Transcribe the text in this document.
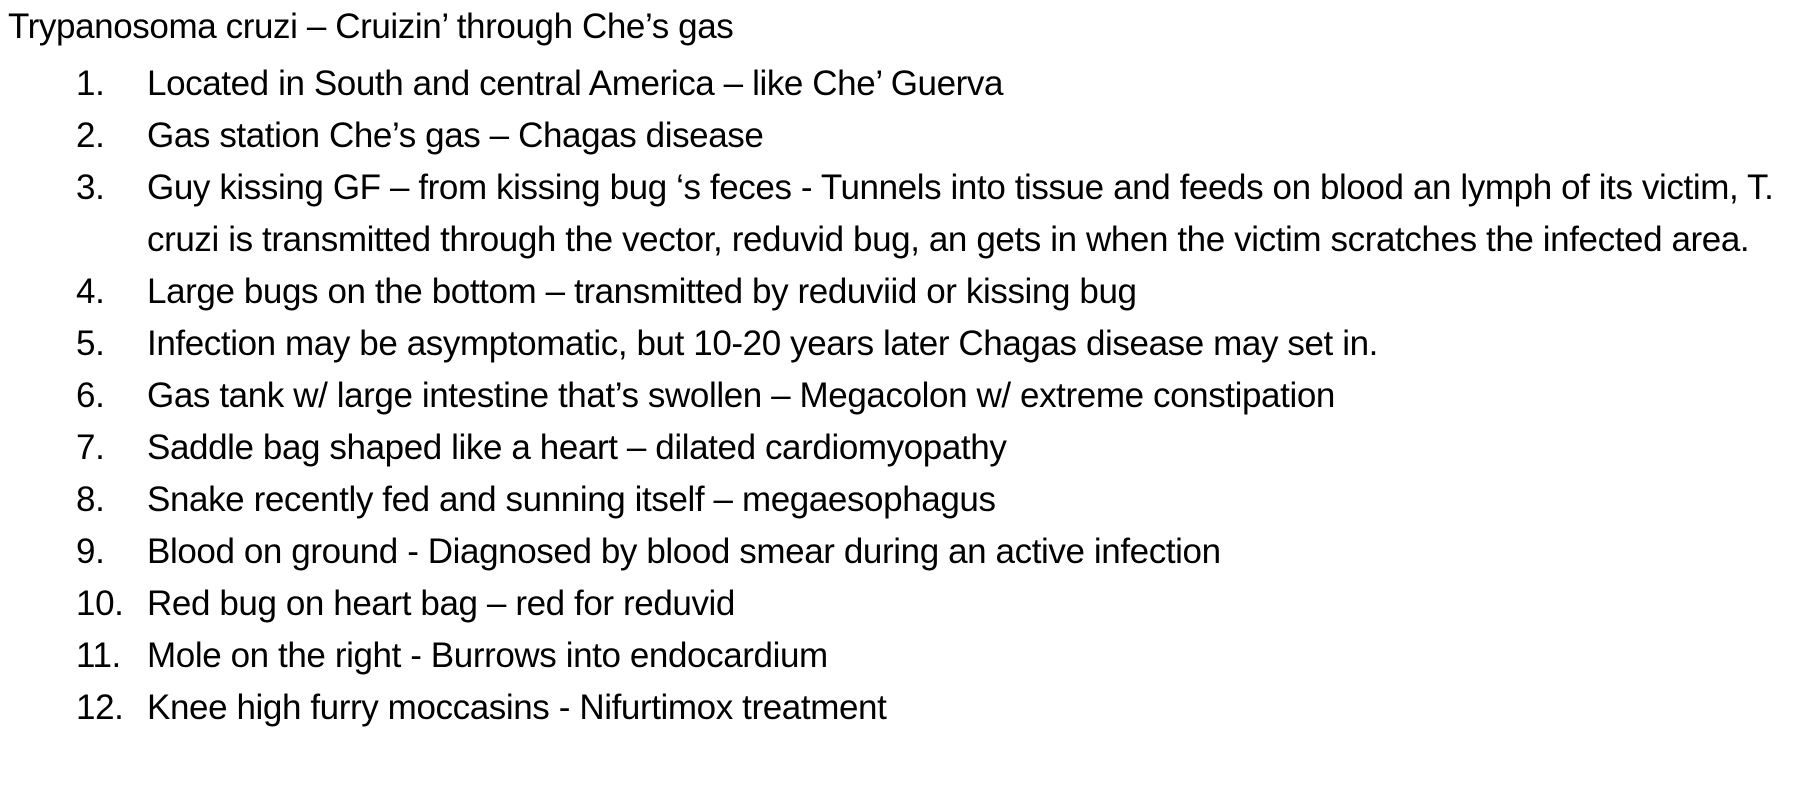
Trypanosoma cruzi – Cruizin’ through Che’s gas
1.	Located in South and central America – like Che’ Guerva
2.	Gas station Che’s gas – Chagas disease
3.	Guy kissing GF – from kissing bug ‘s feces - Tunnels into tissue and feeds on blood an lymph of its victim, T. cruzi is transmitted through the vector, reduvid bug, an gets in when the victim scratches the infected area.
4.	Large bugs on the bottom – transmitted by reduviid or kissing bug
5.	Infection may be asymptomatic, but 10-20 years later Chagas disease may set in.
6.	Gas tank w/ large intestine that’s swollen – Megacolon w/ extreme constipation
7.	Saddle bag shaped like a heart – dilated cardiomyopathy
8.	Snake recently fed and sunning itself – megaesophagus
9.	Blood on ground - Diagnosed by blood smear during an active infection
10. Red bug on heart bag – red for reduvid
11. Mole on the right - Burrows into endocardium
12. Knee high furry moccasins - Nifurtimox treatment
